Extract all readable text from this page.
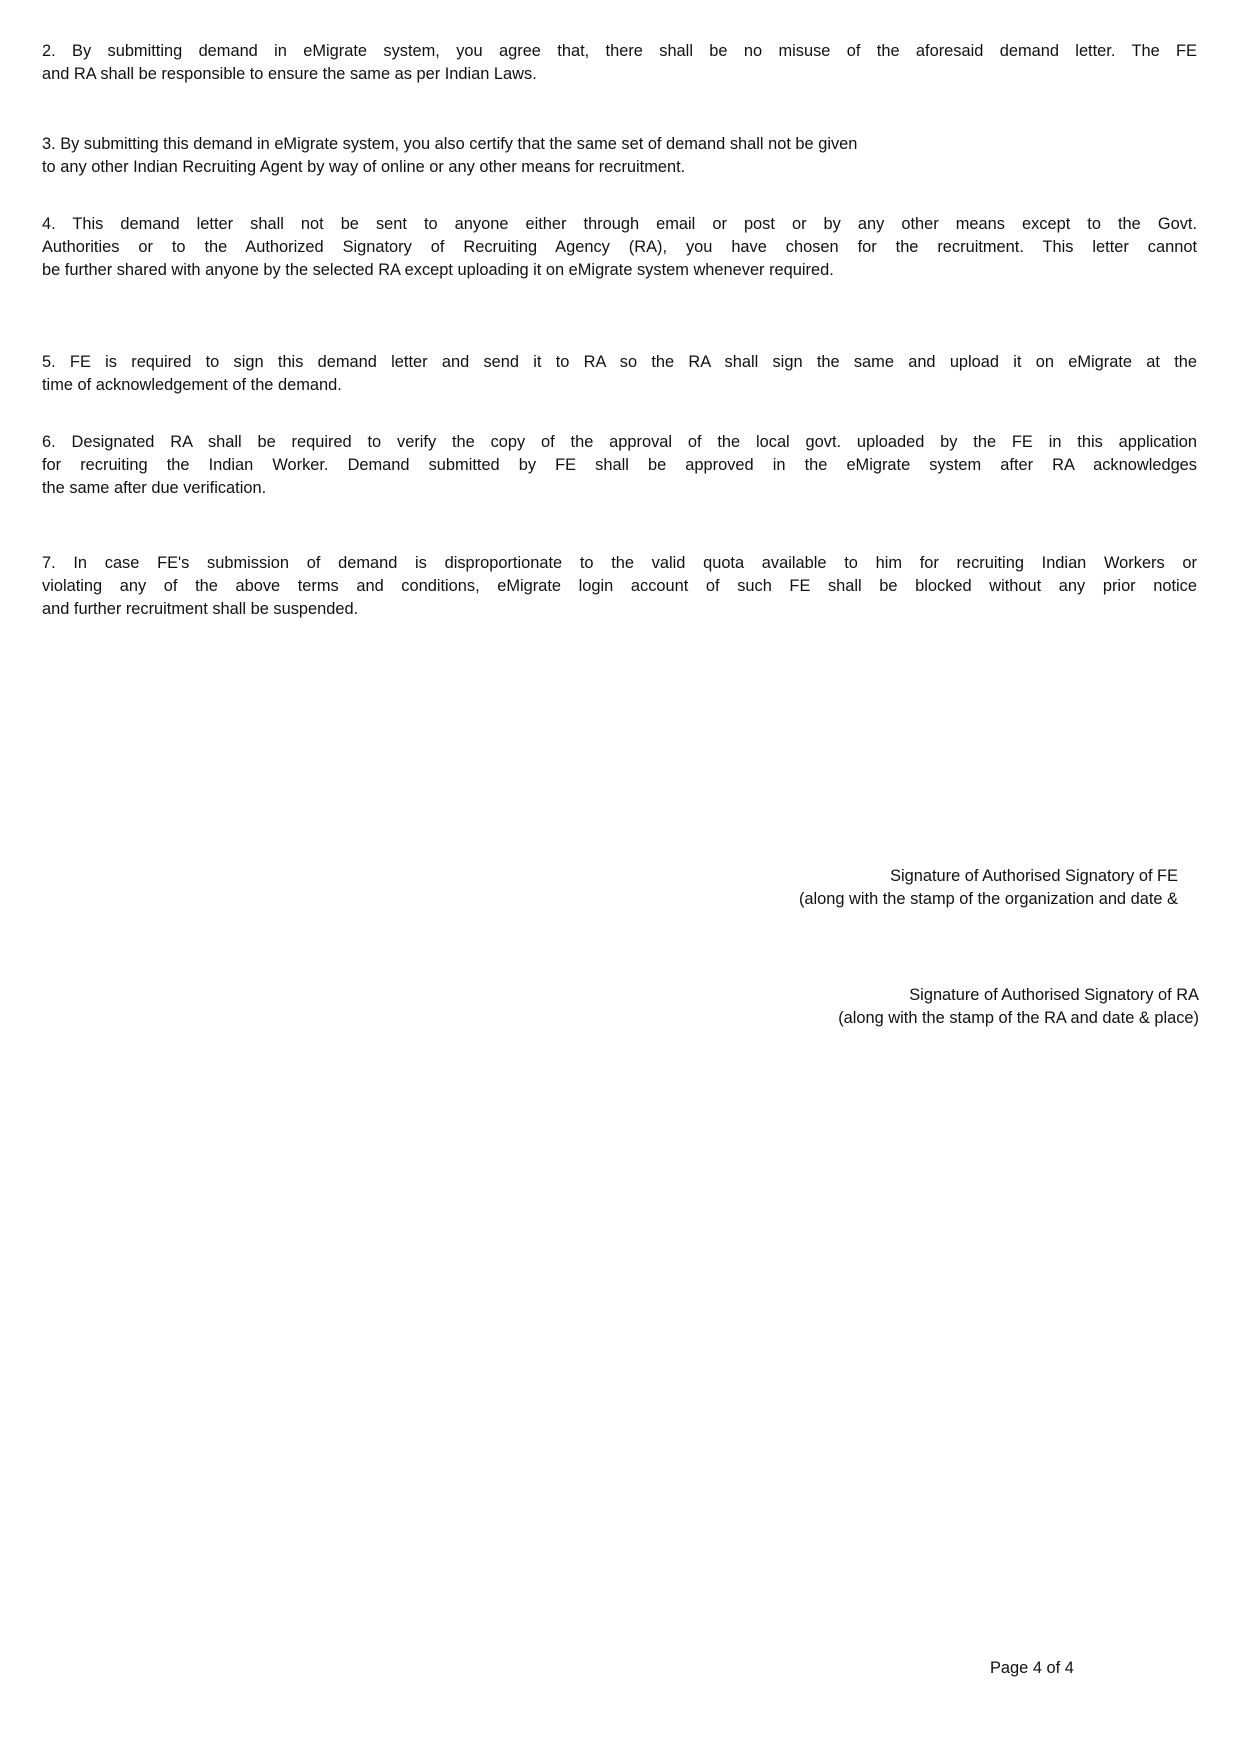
2. By submitting demand in eMigrate system, you agree that, there shall be no misuse of the aforesaid demand letter. The FE
and RA shall be responsible to ensure the same as per Indian Laws.

3. By submitting this demand in eMigrate system, you also certify that the same set of demand shall not be given
to any other Indian Recruiting Agent by way of online or any other means for recruitment.

4. This demand letter shall not be sent to anyone either through email or post or by any other means except to the Govt.
Authorities or to the Authorized Signatory of Recruiting Agency (RA), you have chosen for the recruitment. This letter cannot
be further shared with anyone by the selected RA except uploading it on eMigrate system whenever required.

5. FE is required to sign this demand letter and send it to RA so the RA shall sign the same and upload it on eMigrate at the
time of acknowledgement of the demand.

6. Designated RA shall be required to verify the copy of the approval of the local govt. uploaded by the FE in this application
for recruiting the Indian Worker. Demand submitted by FE shall be approved in the eMigrate system after RA acknowledges
the same after due verification.

7. In case FE's submission of demand is disproportionate to the valid quota available to him for recruiting Indian Workers or
violating any of the above terms and conditions, eMigrate login account of such FE shall be blocked without any prior notice
and further recruitment shall be suspended.

Signature of Authorised Signatory of FE
(along with the stamp of the organization and date &
Signature of Authorised Signatory of RA
(along with the stamp of the RA and date & place)
Page 4 of 4
